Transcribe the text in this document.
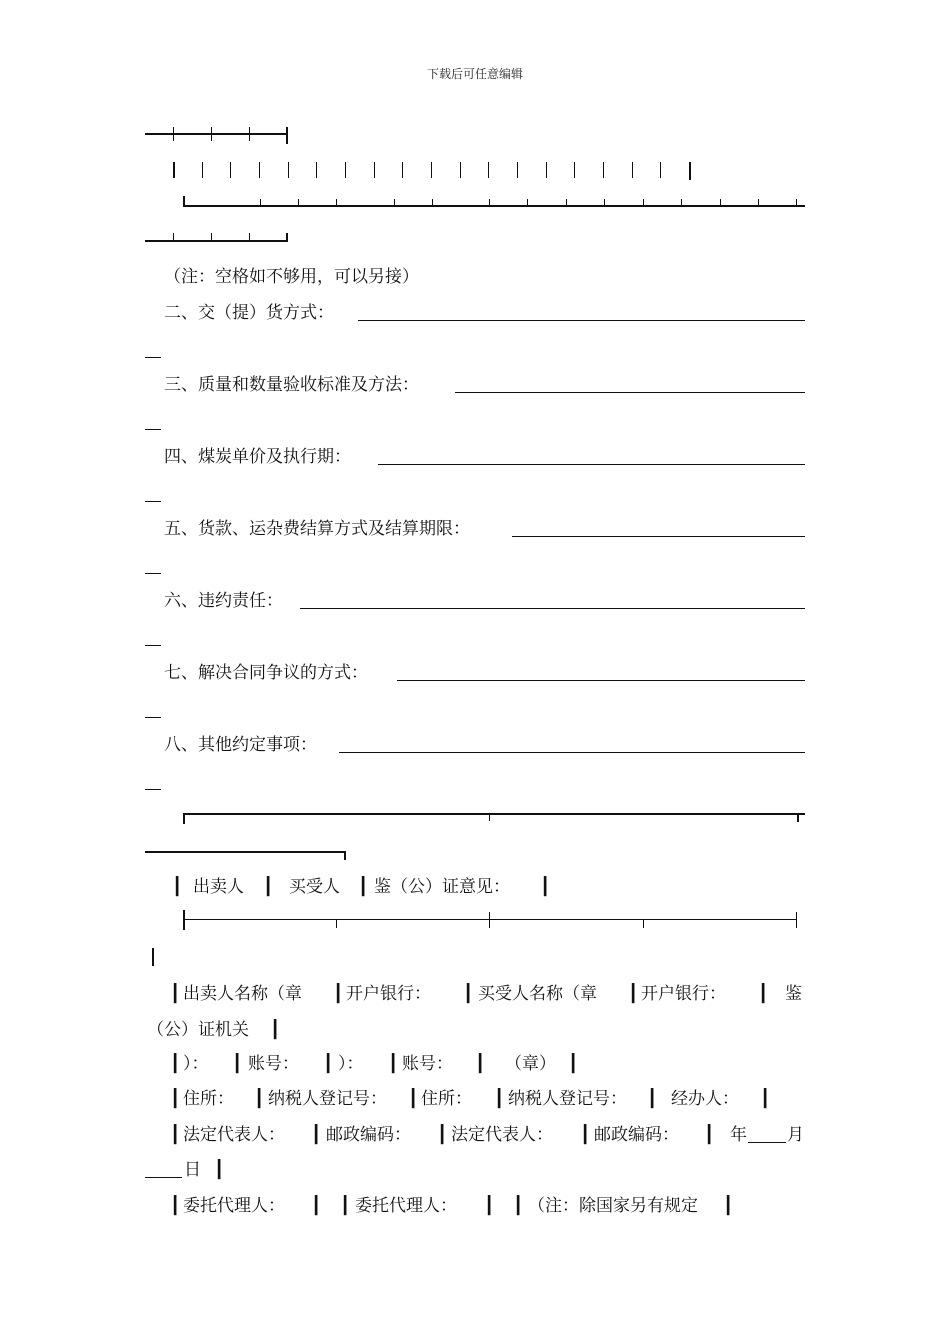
下载后可任意编辑
（注：空格如不够用，可以另接）
二、交（提）货方式：
三、质量和数量验收标准及方法：
四、煤炭单价及执行期：
五、货款、运杂费结算方式及结算期限：
六、违约责任：
七、解决合同争议的方式：
八、其他约定事项：
┃ 出卖人 ┃ 买受人 ┃ 鉴（公）证意见： ┃
┃ 出卖人名称（章 ┃ 开户银行： ┃ 买受人名称（章 ┃ 开户银行： ┃ 鉴
（公）证机关 ┃
┃ ）： ┃ 账号： ┃ ）： ┃ 账号： ┃ （章） ┃
┃ 住所： ┃ 纳税人登记号： ┃ 住所： ┃ 纳税人登记号： ┃ 经办人： ┃
┃ 法定代表人： ┃ 邮政编码： ┃ 法定代表人： ┃ 邮政编码： ┃ 年 月
日 ┃
┃ 委托代理人： ┃ ┃ 委托代理人： ┃ ┃ （注：除国家另有规定 ┃
